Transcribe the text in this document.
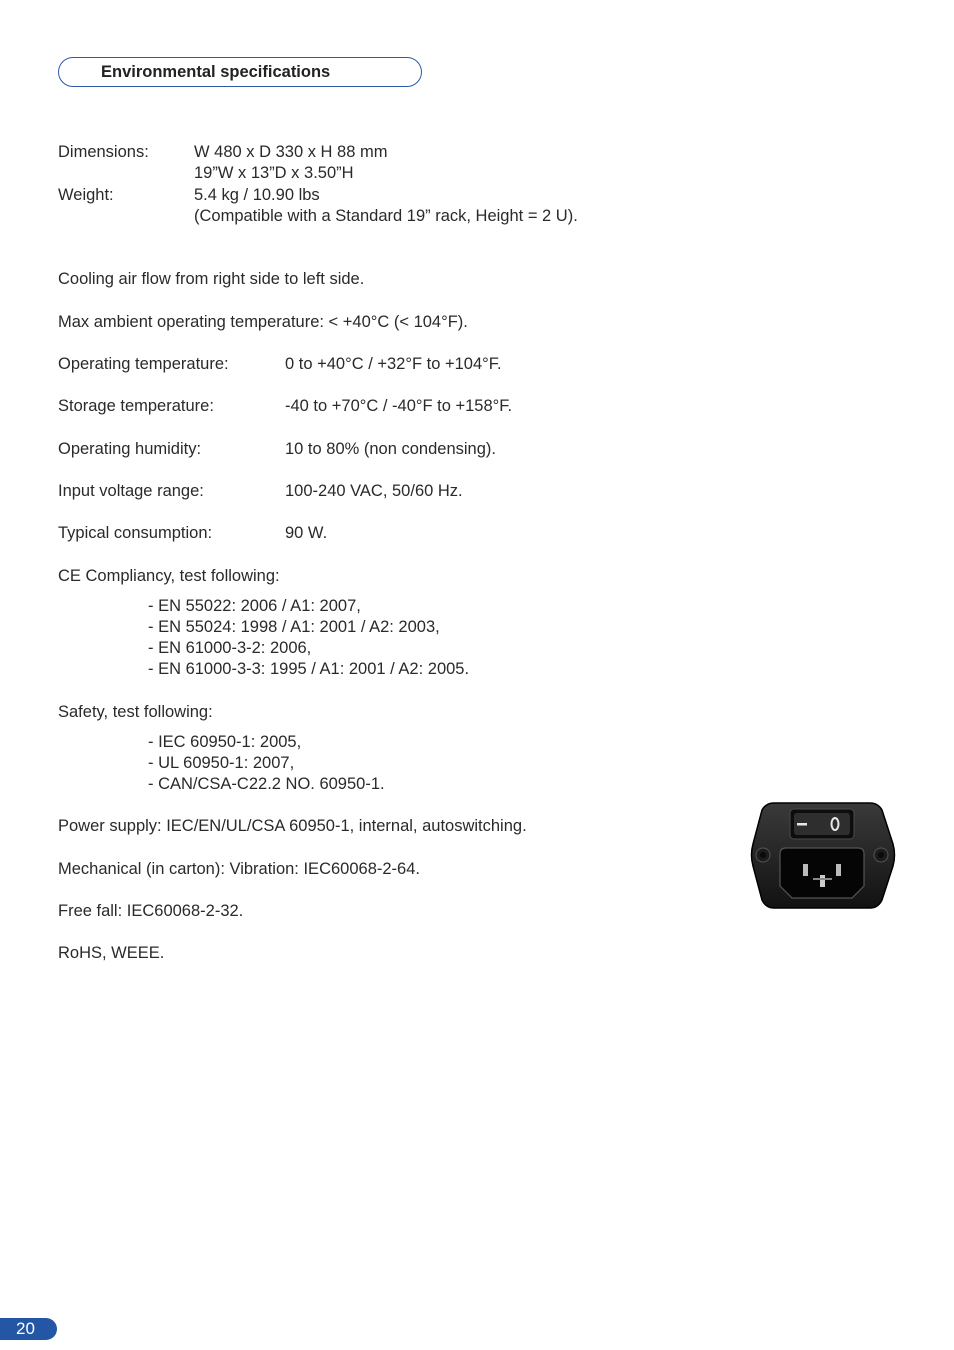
Environmental specifications
Dimensions:	W 480 x D 330 x H 88 mm
19”W x 13”D x 3.50”H
Weight:	5.4 kg / 10.90 lbs
(Compatible with a Standard 19” rack, Height = 2 U).
Cooling air flow from right side to left side.
Max ambient operating temperature: < +40°C (< 104°F).
Operating temperature:	0 to +40°C / +32°F to +104°F.
Storage temperature:	-40 to +70°C / -40°F to +158°F.
Operating humidity:	10 to 80% (non condensing).
Input voltage range:	100-240 VAC, 50/60 Hz.
Typical consumption:	90 W.
CE Compliancy, test following:
- EN 55022: 2006 / A1: 2007,
- EN 55024: 1998 / A1: 2001 / A2: 2003,
- EN 61000-3-2: 2006,
- EN 61000-3-3: 1995 / A1: 2001 / A2: 2005.
Safety, test following:
- IEC 60950-1: 2005,
- UL 60950-1: 2007,
- CAN/CSA-C22.2 NO. 60950-1.
Power supply: IEC/EN/UL/CSA 60950-1, internal, autoswitching.
Mechanical (in carton): Vibration: IEC60068-2-64.
Free fall: IEC60068-2-32.
RoHS, WEEE.
20
